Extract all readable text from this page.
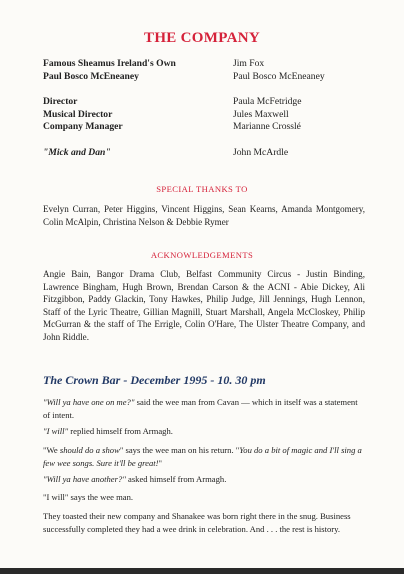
THE COMPANY
Famous Sheamus Ireland's Own
Paul Bosco McEneaney
Director
Musical Director
Company Manager
"Mick and Dan"
Jim Fox
Paul Bosco McEneaney
Paula McFetridge
Jules Maxwell
Marianne Crosslé
John McArdle
SPECIAL THANKS TO
Evelyn Curran, Peter Higgins, Vincent Higgins, Sean Kearns, Amanda Montgomery, Colin McAlpin, Christina Nelson & Debbie Rymer
ACKNOWLEDGEMENTS
Angie Bain, Bangor Drama Club, Belfast Community Circus - Justin Binding, Lawrence Bingham, Hugh Brown, Brendan Carson & the ACNI - Abie Dickey, Ali Fitzgibbon, Paddy Glackin, Tony Hawkes, Philip Judge, Jill Jennings, Hugh Lennon, Staff of the Lyric Theatre, Gillian Magnill, Stuart Marshall, Angela McCloskey, Philip McGurran & the staff of The Errigle, Colin O'Hare, The Ulster Theatre Company, and John Riddle.
The Crown Bar - December 1995 - 10. 30 pm

"Will ya have one on me?" said the wee man from Cavan — which in itself was a statement of intent.

"I will" replied himself from Armagh.

"We should do a show" says the wee man on his return. "You do a bit of magic and I'll sing a few wee songs. Sure it'll be great!"

"Will ya have another?" asked himself from Armagh.

"I will" says the wee man.
They toasted their new company and Shanakee was born right there in the snug. Business successfully completed they had a wee drink in celebration. And . . . the rest is history.
